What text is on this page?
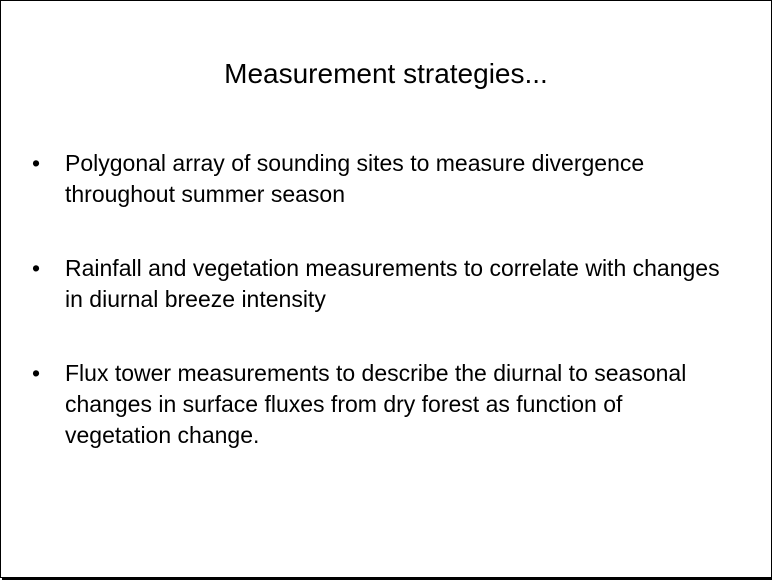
Measurement strategies...
• Polygonal array of sounding sites to measure divergence throughout summer season
• Rainfall and vegetation measurements to correlate with changes in diurnal breeze intensity
• Flux tower measurements to describe the diurnal to seasonal changes in surface fluxes from dry forest as function of vegetation change.
